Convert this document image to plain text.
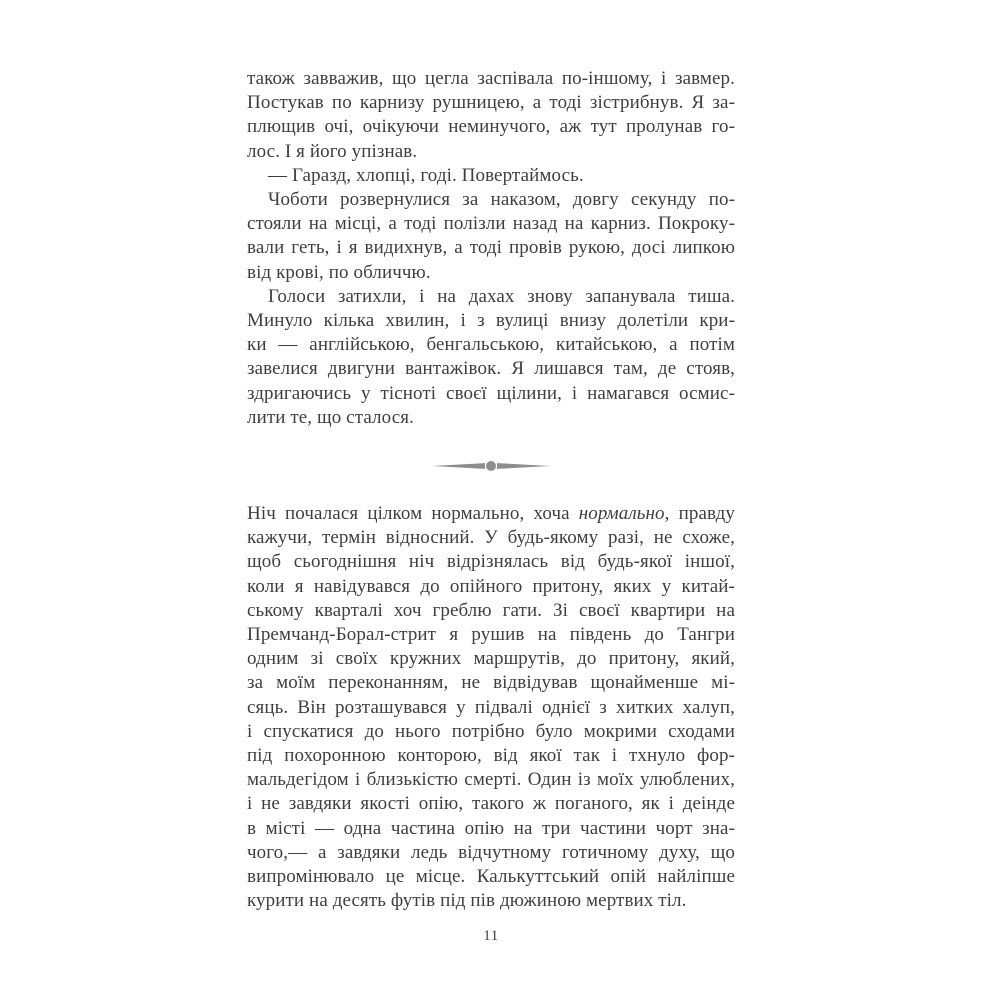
також завважив, що цегла заспівала по-іншому, і завмер.
Постукав по карнизу рушницею, а тоді зістрибнув. Я за-
плющив очі, очікуючи неминучого, аж тут пролунав го-
лос. І я його упізнав.
— Гаразд, хлопці, годі. Повертаймось.
Чоботи розвернулися за наказом, довгу секунду по-
стояли на місці, а тоді полізли назад на карниз. Покроку-
вали геть, і я видихнув, а тоді провів рукою, досі липкою
від крові, по обличчю.
Голоси затихли, і на дахах знову запанувала тиша.
Минуло кілька хвилин, і з вулиці внизу долетіли кри-
ки — англійською, бенгальською, китайською, а потім
завелися двигуни вантажівок. Я лишався там, де стояв,
здригаючись у тісноті своєї щілини, і намагався осмис-
лити те, що сталося.
Ніч почалася цілком нормально, хоча нормально, правду
кажучи, термін відносний. У будь-якому разі, не схоже,
щоб сьогоднішня ніч відрізнялась від будь-якої іншої,
коли я навідувався до опійного притону, яких у китай-
ському кварталі хоч греблю гати. Зі своєї квартири на
Премчанд-Борал-стрит я рушив на південь до Тангри
одним зі своїх кружних маршрутів, до притону, який,
за моїм переконанням, не відвідував щонайменше мі-
сяць. Він розташувався у підвалі однієї з хитких халуп,
і спускатися до нього потрібно було мокрими сходами
під похоронною конторою, від якої так і тхнуло фор-
мальдегідом і близькістю смерті. Один із моїх улюблених,
і не завдяки якості опію, такого ж поганого, як і деінде
в місті — одна частина опію на три частини чорт зна-
чого,— а завдяки ледь відчутному готичному духу, що
випромінювало це місце. Калькуттський опій найліпше
курити на десять футів під пів дюжиною мертвих тіл.
11
